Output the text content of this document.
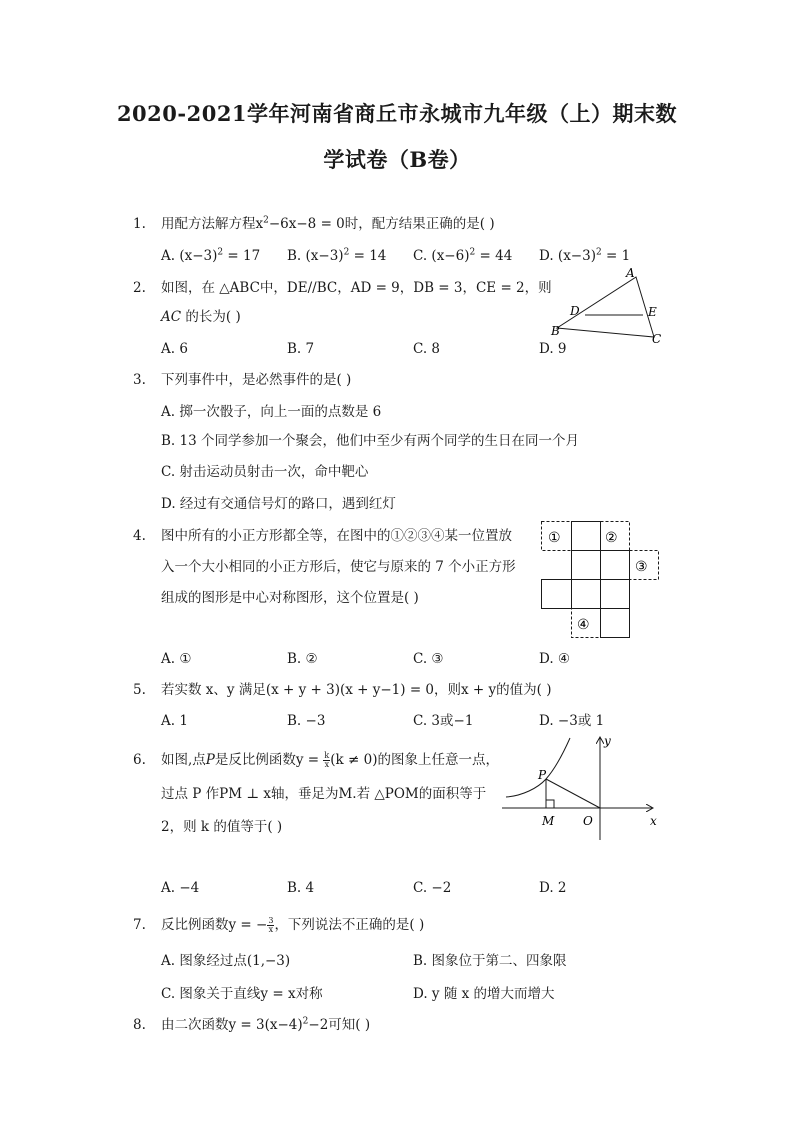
2020-2021学年河南省商丘市永城市九年级（上）期末数
学试卷（B卷）
1. 用配方法解方程$x^2-6x-8 = 0$时，配方结果正确的是( )
A. $(x-3)^2 = 17$ B. $(x-3)^2 = 14$ C. $(x-6)^2 = 44$ D. $(x-3)^2 = 1$
2. 如图，在 △ABC中，DE//BC，AD = 9，DB = 3，CE = 2，则
AC 的长为( )
A. 6	B. 7	C. 8	D. 9
A
D	E
B
C
3. 下列事件中，是必然事件的是( )
A. 掷一次骰子，向上一面的点数是 6
B. 13 个同学参加一个聚会，他们中至少有两个同学的生日在同一个月
C. 射击运动员射击一次，命中靶心
D. 经过有交通信号灯的路口，遇到红灯
4. 图中所有的小正方形都全等，在图中的①②③④某一位置放
入一个大小相同的小正方形后，使它与原来的 7 个小正方形
组成的图形是中心对称图形，这个位置是( )
A. ①	B. ②	C. ③	D. ④
①	②
③
④
5. 若实数 x、y 满足(x + y + 3)(x + y−1) = 0，则x + y的值为( )
A. 1	B. −3	C. 3或−1	D. −3或 1
6. 如图,点P是反比例函数$y = \frac{k}{x} (k \ne 0)$的图象上任意一点，
过点 P 作PM ⊥ x轴，垂足为M.若 △POM的面积等于
2，则 k 的值等于( )
A. −4	B. 4	C. −2	D. 2
P
M O	x
y
7. 反比例函数y = − $\frac{3}{x}$ ，下列说法不正确的是( )
A. 图象经过点(1,−3)	B. 图象位于第二、四象限
C. 图象关于直线y = x对称	D. y 随 x 的增大而增大
8. 由二次函数$y = 3(x-4)^2-2$可知( )
